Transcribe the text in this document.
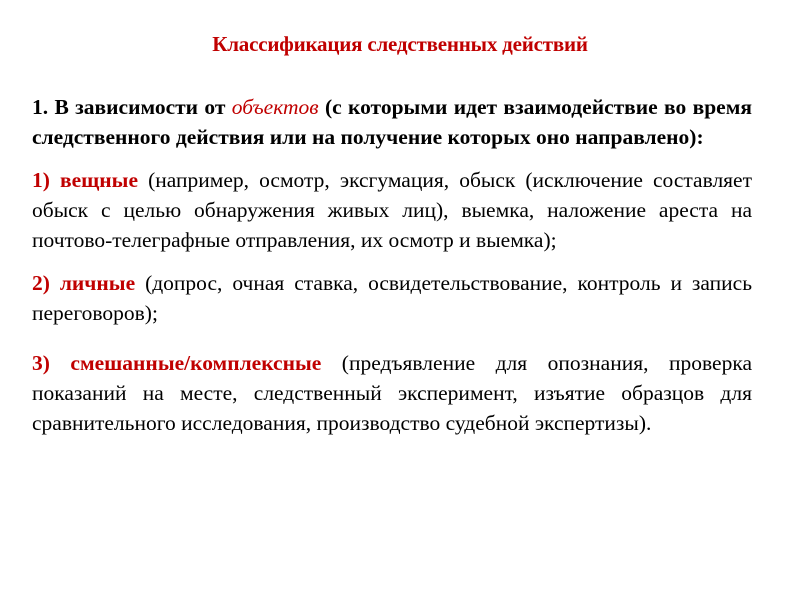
Классификация следственных действий

1. В зависимости от объектов (с которыми идет взаимодействие во время следственного действия или на получение которых оно направлено):

1) вещные (например, осмотр, эксгумация, обыск (исключение составляет обыск с целью обнаружения живых лиц), выемка, наложение ареста на почтово-телеграфные отправления, их осмотр и выемка);

2) личные (допрос, очная ставка, освидетельствование, контроль и запись переговоров);

3) смешанные/комплексные (предъявление для опознания, проверка показаний на месте, следственный эксперимент, изъятие образцов для сравнительного исследования, производство судебной экспертизы).
